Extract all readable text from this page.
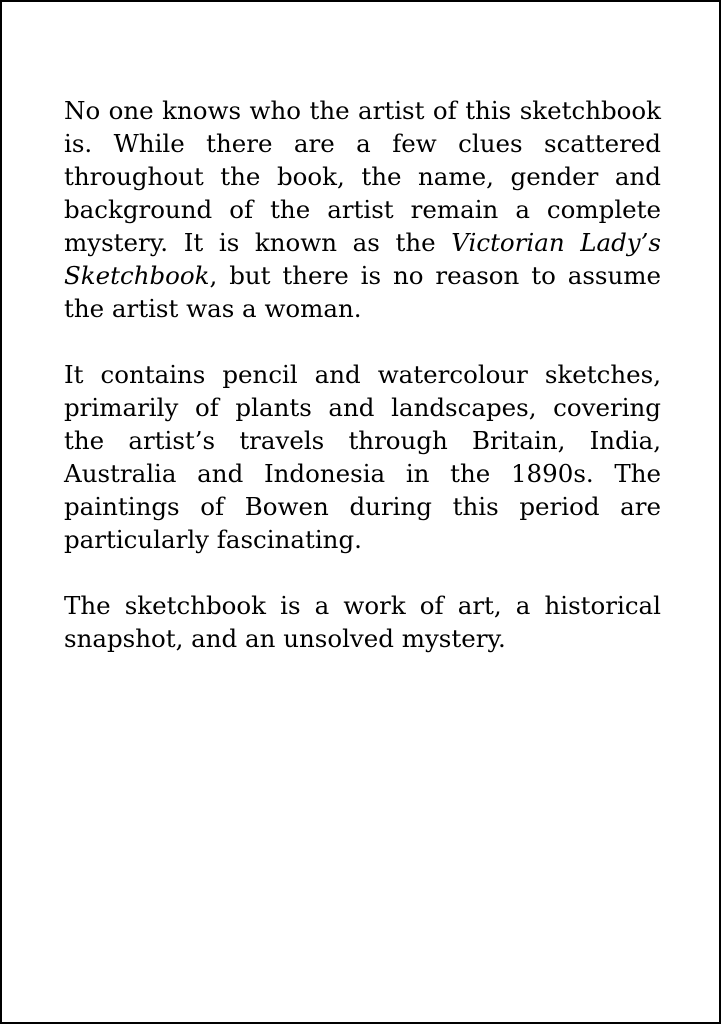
No one knows who the artist of this sketchbook is. While there are a few clues scattered throughout the book, the name, gender and background of the artist remain a complete mystery. It is known as the Victorian Lady’s Sketchbook, but there is no reason to assume the artist was a woman.

It contains pencil and watercolour sketches, primarily of plants and landscapes, covering the artist’s travels through Britain, India, Australia and Indonesia in the 1890s. The paintings of Bowen during this period are particularly fascinating.

The sketchbook is a work of art, a historical snapshot, and an unsolved mystery.
